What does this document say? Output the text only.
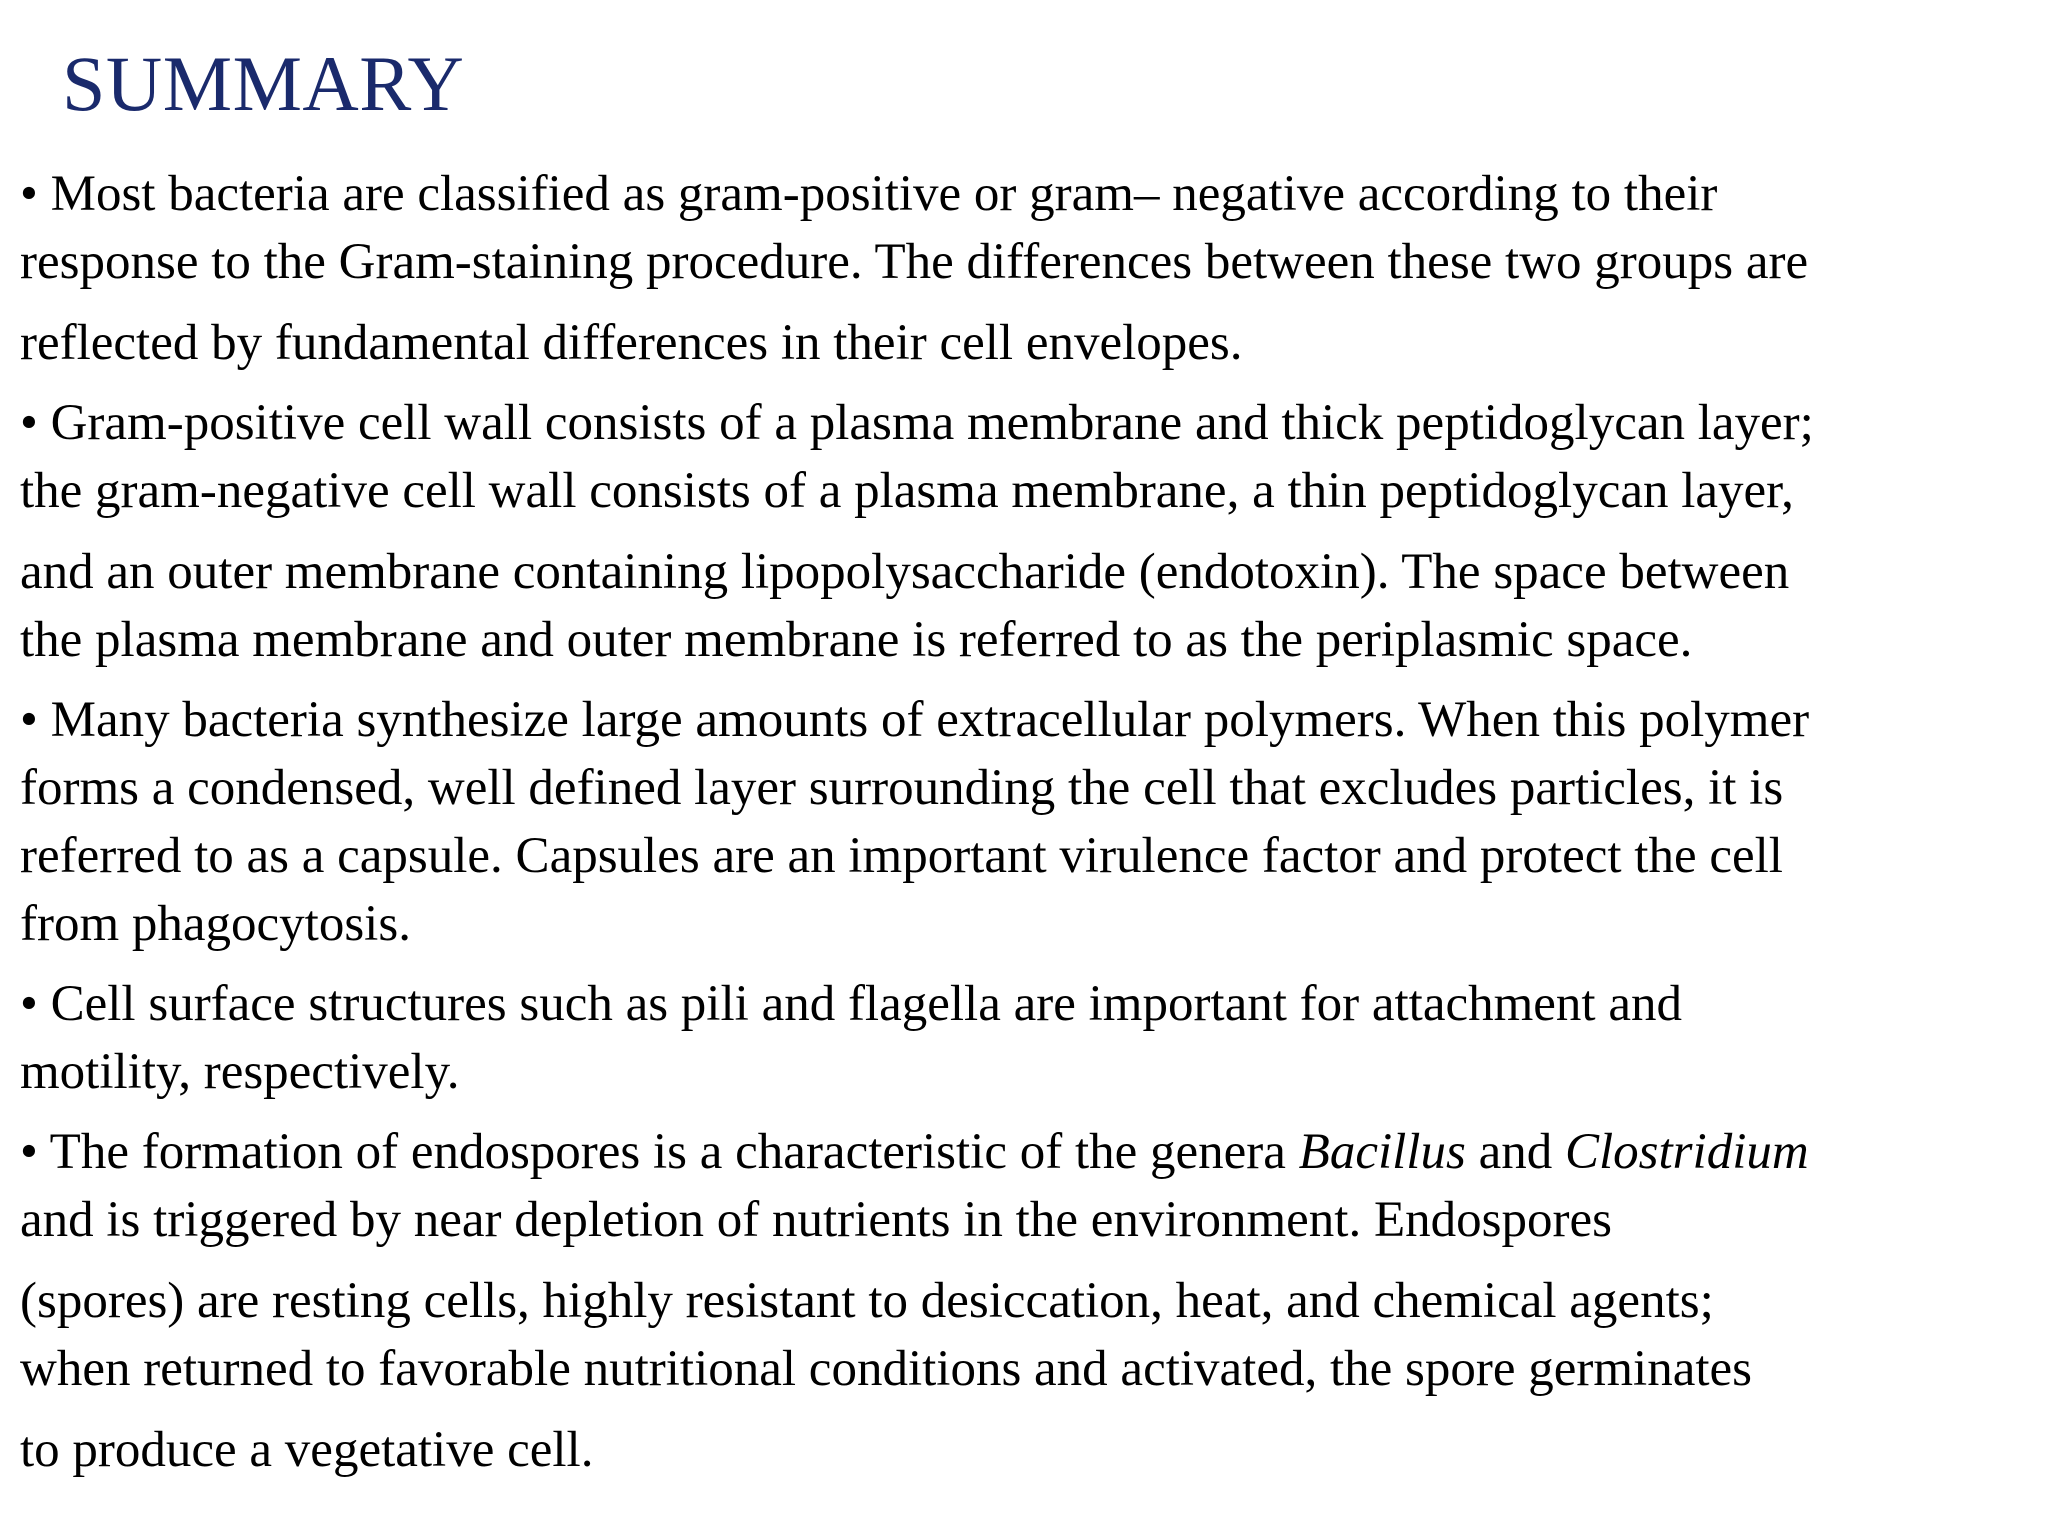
SUMMARY
• Most bacteria are classified as gram-positive or gram– negative according to their
response to the Gram-staining procedure. The differences between these two groups are
reflected by fundamental differences in their cell envelopes.
• Gram-positive cell wall consists of a plasma membrane and thick peptidoglycan layer;
the gram-negative cell wall consists of a plasma membrane, a thin peptidoglycan layer,
and an outer membrane containing lipopolysaccharide (endotoxin). The space between
the plasma membrane and outer membrane is referred to as the periplasmic space.
• Many bacteria synthesize large amounts of extracellular polymers. When this polymer
forms a condensed, well defined layer surrounding the cell that excludes particles, it is
referred to as a capsule. Capsules are an important virulence factor and protect the cell
from phagocytosis.
• Cell surface structures such as pili and flagella are important for attachment and
motility, respectively.
• The formation of endospores is a characteristic of the genera Bacillus and Clostridium
and is triggered by near depletion of nutrients in the environment. Endospores
(spores) are resting cells, highly resistant to desiccation, heat, and chemical agents;
when returned to favorable nutritional conditions and activated, the spore germinates
to produce a vegetative cell.
